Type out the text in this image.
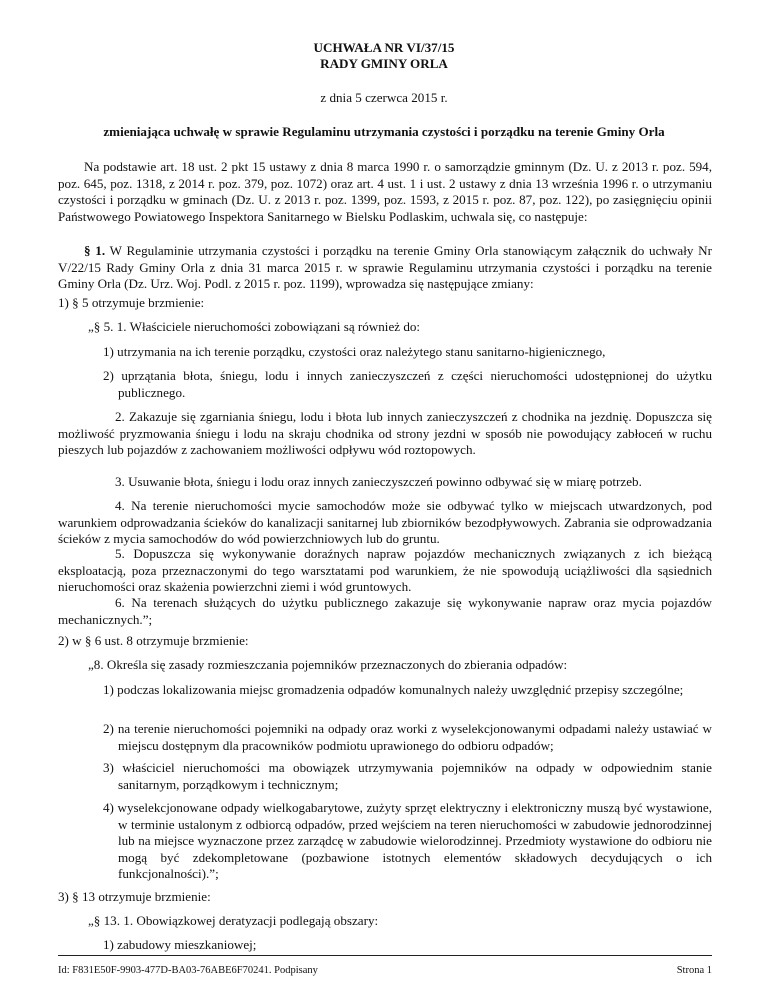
UCHWAŁA NR VI/37/15
RADY GMINY ORLA
z dnia 5 czerwca 2015 r.
zmieniająca uchwałę w sprawie Regulaminu utrzymania czystości i porządku na terenie Gminy Orla

Na podstawie art. 18 ust. 2 pkt 15 ustawy z dnia 8 marca 1990 r. o samorządzie gminnym (Dz. U. z 2013 r. poz. 594, poz. 645, poz. 1318, z 2014 r. poz. 379, poz. 1072) oraz art. 4 ust. 1 i ust. 2 ustawy z dnia 13 września 1996 r. o utrzymaniu czystości i porządku w gminach (Dz. U. z 2013 r. poz. 1399, poz. 1593, z 2015 r. poz. 87, poz. 122), po zasięgnięciu opinii Państwowego Powiatowego Inspektora Sanitarnego w Bielsku Podlaskim, uchwala się, co następuje:

§ 1. W Regulaminie utrzymania czystości i porządku na terenie Gminy Orla stanowiącym załącznik do uchwały Nr V/22/15 Rady Gminy Orla z dnia 31 marca 2015 r. w sprawie Regulaminu utrzymania czystości i porządku na terenie Gminy Orla (Dz. Urz. Woj. Podl. z 2015 r. poz. 1199), wprowadza się następujące zmiany:

1) § 5 otrzymuje brzmienie:
„§ 5. 1. Właściciele nieruchomości zobowiązani są również do:
1) utrzymania na ich terenie porządku, czystości oraz należytego stanu sanitarno-higienicznego,
2) uprzątania błota, śniegu, lodu i innych zanieczyszczeń z części nieruchomości udostępnionej do użytku publicznego.

2. Zakazuje się zgarniania śniegu, lodu i błota lub innych zanieczyszczeń z chodnika na jezdnię. Dopuszcza się możliwość pryzmowania śniegu i lodu na skraju chodnika od strony jezdni w sposób nie powodujący zabłoceń w ruchu pieszych lub pojazdów z zachowaniem możliwości odpływu wód roztopowych.

3. Usuwanie błota, śniegu i lodu oraz innych zanieczyszczeń powinno odbywać się w miarę potrzeb.

4. Na terenie nieruchomości mycie samochodów może sie odbywać tylko w miejscach utwardzonych, pod warunkiem odprowadzania ścieków do kanalizacji sanitarnej lub zbiorników bezodpływowych. Zabrania sie odprowadzania ścieków z mycia samochodów do wód powierzchniowych lub do gruntu.

5. Dopuszcza się wykonywanie doraźnych napraw pojazdów mechanicznych związanych z ich bieżącą eksploatacją, poza przeznaczonymi do tego warsztatami pod warunkiem, że nie spowodują uciążliwości dla sąsiednich nieruchomości oraz skażenia powierzchni ziemi i wód gruntowych.

6. Na terenach służących do użytku publicznego zakazuje się wykonywanie napraw oraz mycia pojazdów mechanicznych.”;

2) w § 6 ust. 8 otrzymuje brzmienie:
„8. Określa się zasady rozmieszczania pojemników przeznaczonych do zbierania odpadów:
1) podczas lokalizowania miejsc gromadzenia odpadów komunalnych należy uwzględnić przepisy szczególne;
2) na terenie nieruchomości pojemniki na odpady oraz worki z wyselekcjonowanymi odpadami należy ustawiać w miejscu dostępnym dla pracowników podmiotu uprawionego do odbioru odpadów;
3) właściciel nieruchomości ma obowiązek utrzymywania pojemników na odpady w odpowiednim stanie sanitarnym, porządkowym i technicznym;
4) wyselekcjonowane odpady wielkogabarytowe, zużyty sprzęt elektryczny i elektroniczny muszą być wystawione, w terminie ustalonym z odbiorcą odpadów, przed wejściem na teren nieruchomości w zabudowie jednorodzinnej lub na miejsce wyznaczone przez zarządcę w zabudowie wielorodzinnej. Przedmioty wystawione do odbioru nie mogą być zdekompletowane (pozbawione istotnych elementów składowych decydujących o ich funkcjonalności).”;
3) § 13 otrzymuje brzmienie:
„§ 13. 1. Obowiązkowej deratyzacji podlegają obszary:
1) zabudowy mieszkaniowej;
Id: F831E50F-9903-477D-BA03-76ABE6F70241. Podpisany	Strona 1
